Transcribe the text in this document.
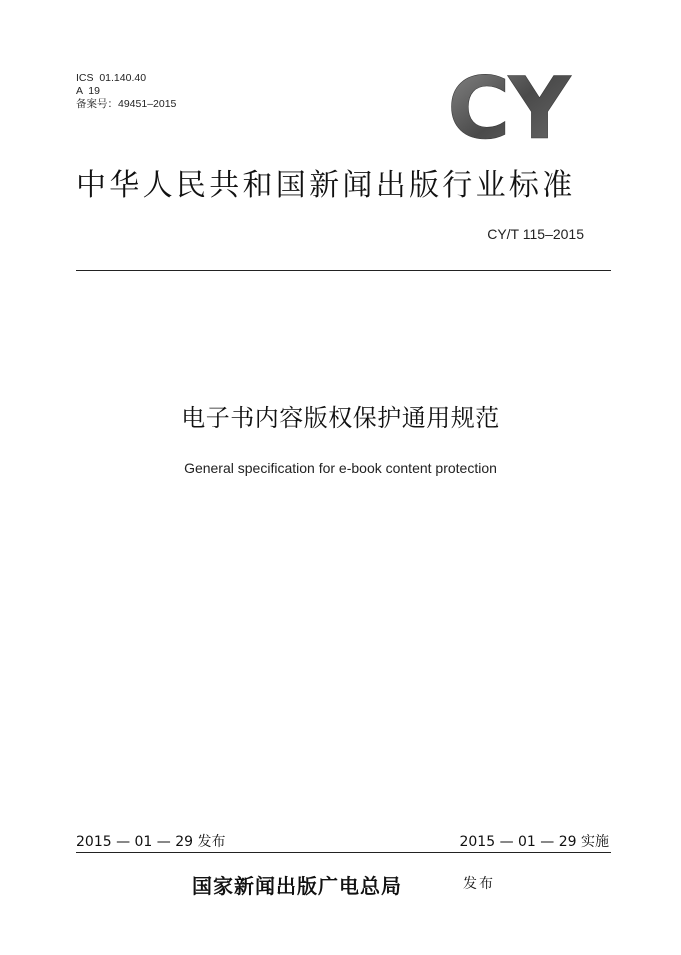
ICS  01.140.40
A  19
备案号：49451–2015	CY
中华人民共和国新闻出版行业标准
CY/T 115–2015
电子书内容版权保护通用规范
General specification for e-book content protection
2015 — 01 — 29 发布	2015 — 01 — 29 实施
国家新闻出版广电总局	发布
